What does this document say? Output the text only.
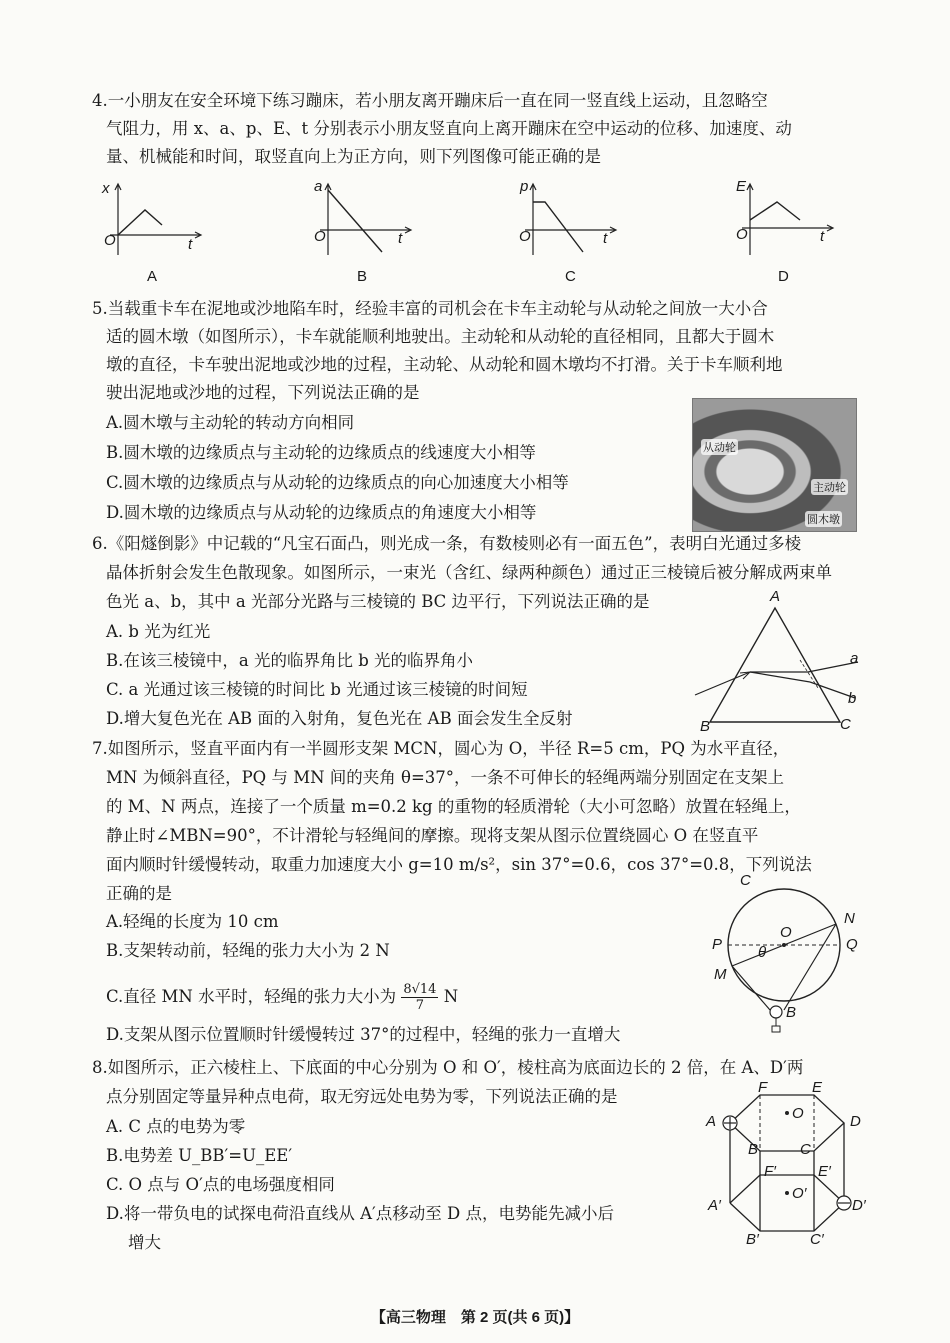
4.一小朋友在安全环境下练习蹦床，若小朋友离开蹦床后一直在同一竖直线上运动，且忽略空
气阻力，用 x、a、p、E、t 分别表示小朋友竖直向上离开蹦床在空中运动的位移、加速度、动
量、机械能和时间，取竖直向上为正方向，则下列图像可能正确的是
x
t
O
A
a
t
O
B
p
t
O
C
E
t
O
D
5.当载重卡车在泥地或沙地陷车时，经验丰富的司机会在卡车主动轮与从动轮之间放一大小合
适的圆木墩（如图所示），卡车就能顺利地驶出。主动轮和从动轮的直径相同，且都大于圆木
墩的直径，卡车驶出泥地或沙地的过程，主动轮、从动轮和圆木墩均不打滑。关于卡车顺利地
驶出泥地或沙地的过程，下列说法正确的是
A.圆木墩与主动轮的转动方向相同
B.圆木墩的边缘质点与主动轮的边缘质点的线速度大小相等
C.圆木墩的边缘质点与从动轮的边缘质点的向心加速度大小相等
D.圆木墩的边缘质点与从动轮的边缘质点的角速度大小相等
从动轮
主动轮
圆木墩
6.《阳燧倒影》中记载的“凡宝石面凸，则光成一条，有数棱则必有一面五色”，表明白光通过多棱
晶体折射会发生色散现象。如图所示，一束光（含红、绿两种颜色）通过正三棱镜后被分解成两束单
色光 a、b，其中 a 光部分光路与三棱镜的 BC 边平行，下列说法正确的是
A. b 光为红光
B.在该三棱镜中，a 光的临界角比 b 光的临界角小
C. a 光通过该三棱镜的时间比 b 光通过该三棱镜的时间短
D.增大复色光在 AB 面的入射角，复色光在 AB 面会发生全反射
A
B	C
a
b
7.如图所示，竖直平面内有一半圆形支架 MCN，圆心为 O，半径 R=5 cm，PQ 为水平直径，
MN 为倾斜直径，PQ 与 MN 间的夹角 θ=37°，一条不可伸长的轻绳两端分别固定在支架上
的 M、N 两点，连接了一个质量 m=0.2 kg 的重物的轻质滑轮（大小可忽略）放置在轻绳上，
静止时∠MBN=90°，不计滑轮与轻绳间的摩擦。现将支架从图示位置绕圆心 O 在竖直平
面内顺时针缓慢转动，取重力加速度大小 g=10 m/s²，sin 37°=0.6，cos 37°=0.8，下列说法
正确的是
A.轻绳的长度为 10 cm
B.支架转动前，轻绳的张力大小为 2 N
C.直径 MN 水平时，轻绳的张力大小为 $\frac{8√14}{7}$ N
D.支架从图示位置顺时针缓慢转过 37°的过程中，轻绳的张力一直增大
C
N
P
O
Q
θ
M
B
8.如图所示，正六棱柱上、下底面的中心分别为 O 和 O′，棱柱高为底面边长的 2 倍，在 A、D′两
点分别固定等量异种点电荷，取无穷远处电势为零，下列说法正确的是
A. C 点的电势为零
B.电势差 U_BB′=U_EE′
C. O 点与 O′点的电场强度相同
D.将一带负电的试探电荷沿直线从 A′点移动至 D 点，电势能先减小后
增大
F	E
A	O	D
B	C
F′	E′
A′
O′
D′
B′	C′
【高三物理　第 2 页(共 6 页)】
